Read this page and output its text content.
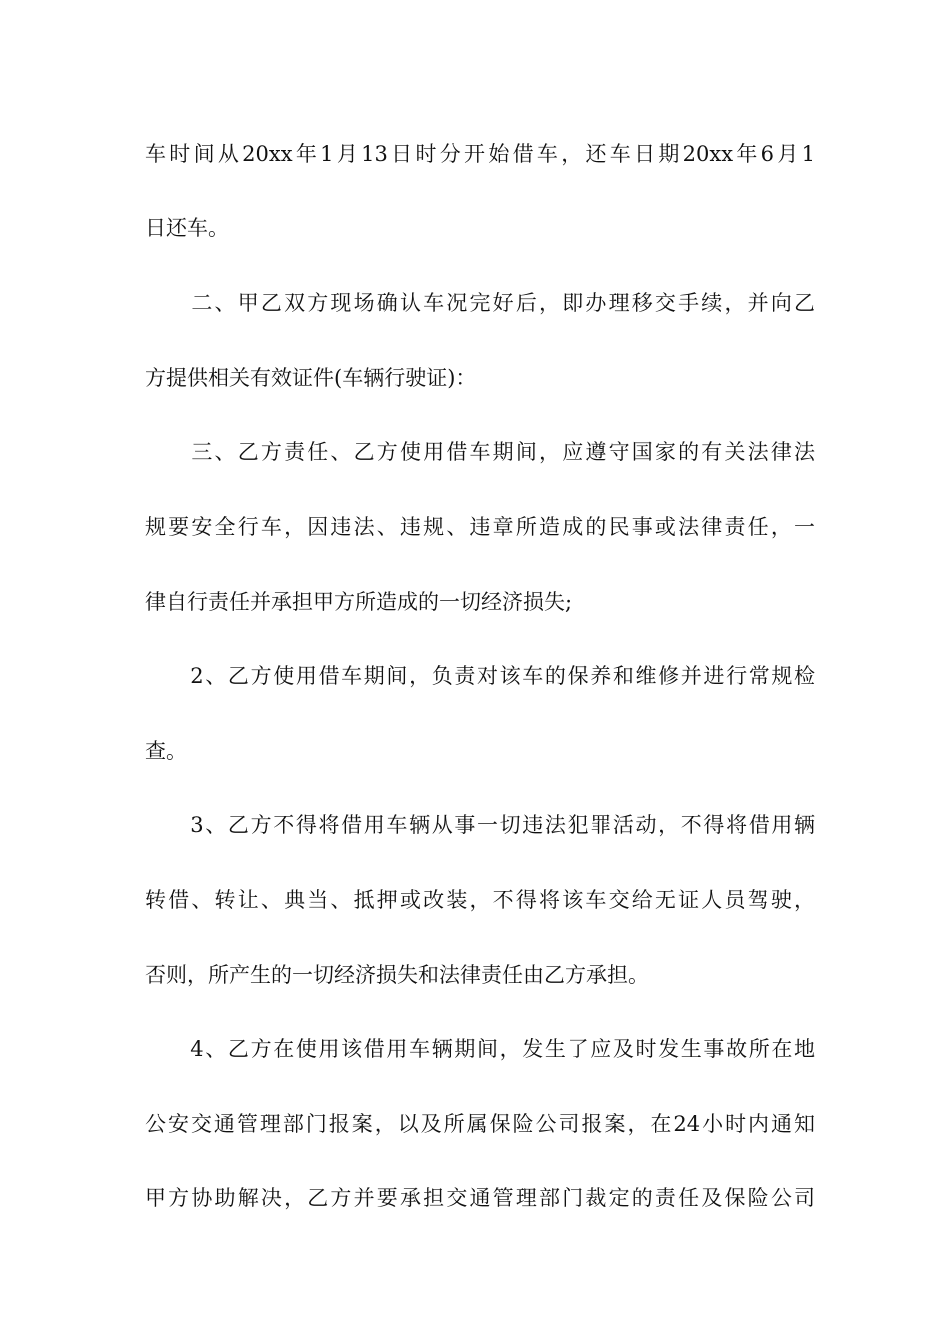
车时间从20xx年1月13日时分开始借车，还车日期20xx年6月1
日还车。
　　二、甲乙双方现场确认车况完好后，即办理移交手续，并向乙
方提供相关有效证件(车辆行驶证)：
　　三、乙方责任、乙方使用借车期间，应遵守国家的有关法律法
规要安全行车，因违法、违规、违章所造成的民事或法律责任，一
律自行责任并承担甲方所造成的一切经济损失;
　　2、乙方使用借车期间，负责对该车的保养和维修并进行常规检
查。
　　3、乙方不得将借用车辆从事一切违法犯罪活动，不得将借用辆
转借、转让、典当、抵押或改装，不得将该车交给无证人员驾驶，
否则，所产生的一切经济损失和法律责任由乙方承担。
　　4、乙方在使用该借用车辆期间，发生了应及时发生事故所在地
公安交通管理部门报案，以及所属保险公司报案，在24小时内通知
甲方协助解决，乙方并要承担交通管理部门裁定的责任及保险公司
